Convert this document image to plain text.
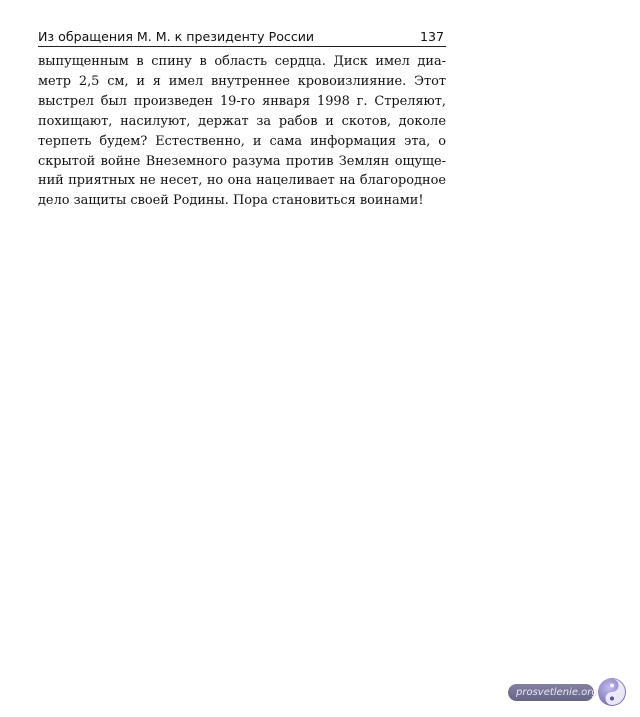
Из обращения М. М. к президенту России	137
выпущенным в спину в область сердца. Диск имел диа-
метр 2,5 см, и я имел внутреннее кровоизлияние. Этот
выстрел был произведен 19-го января 1998 г. Стреляют,
похищают, насилуют, держат за рабов и скотов, доколе
терпеть будем? Естественно, и сама информация эта, о
скрытой войне Внеземного разума против Землян ощуще-
ний приятных не несет, но она нацеливает на благородное
дело защиты своей Родины. Пора становиться воинами!
prosvetlenie.org
